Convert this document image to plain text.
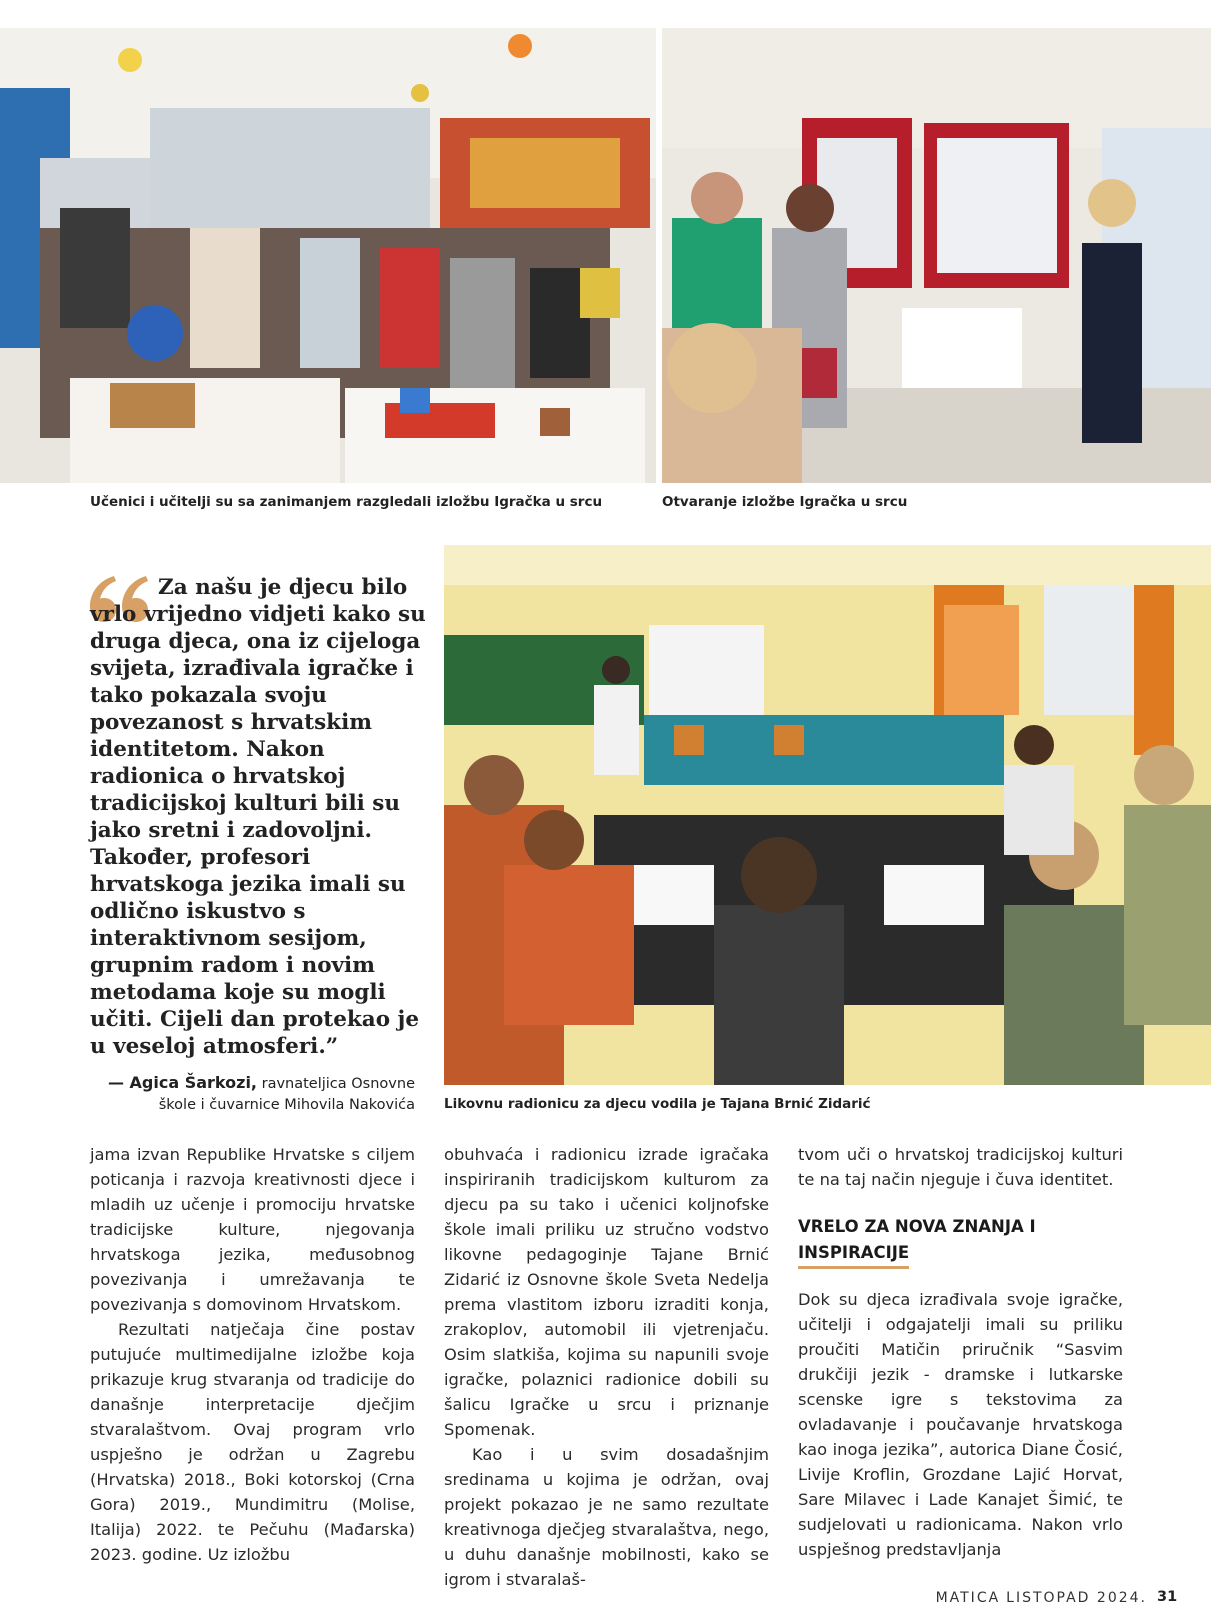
Učenici i učitelji su sa zanimanjem razgledali izložbu Igračka u srcu	Otvaranje izložbe Igračka u srcu

Za našu je djecu bilo vrlo vrijedno vidjeti kako su druga djeca, ona iz cijeloga svijeta, izrađivala igračke i tako pokazala svoju povezanost s hrvatskim identitetom. Nakon radionica o hrvatskoj tradicijskoj kulturi bili su jako sretni i zadovoljni. Također, profesori hrvatskoga jezika imali su odlično iskustvo s interaktivnom sesijom, grupnim radom i novim metodama koje su mogli učiti. Cijeli dan protekao je u veseloj atmosferi.”

— Agica Šarkozi, ravnateljica Osnovne škole i čuvarnice Mihovila Nakovića Likovnu radionicu za djecu vodila je Tajana Brnić Zidarić

jama izvan Republike Hrvatske s ciljem poticanja i razvoja kreativnosti djece i mladih uz učenje i promociju hrvatske tradicijske kulture, njegovanja hrvatskoga jezika, međusobnog povezivanja i umrežavanja te povezivanja s domovinom Hrvatskom.

Rezultati natječaja čine postav putujuće multimedijalne izložbe koja prikazuje krug stvaranja od tradicije do današnje interpretacije dječjim stvaralaštvom. Ovaj program vrlo uspješno je održan u Zagrebu (Hrvatska) 2018., Boki kotorskoj (Crna Gora) 2019., Mundimitru (Molise, Italija) 2022. te Pečuhu (Mađarska) 2023. godine. Uz izložbu

obuhvaća i radionicu izrade igračaka inspiriranih tradicijskom kulturom za djecu pa su tako i učenici koljnofske škole imali priliku uz stručno vodstvo likovne pedagoginje Tajane Brnić Zidarić iz Osnovne škole Sveta Nedelja prema vlastitom izboru izraditi konja, zrakoplov, automobil ili vjetrenjaču. Osim slatkiša, kojima su napunili svoje igračke, polaznici radionice dobili su šalicu Igračke u srcu i priznanje Spomenak.

Kao i u svim dosadašnjim sredinama u kojima je održan, ovaj projekt pokazao je ne samo rezultate kreativnoga dječjeg stvaralaštva, nego, u duhu današnje mobilnosti, kako se igrom i stvaralaš-

tvom uči o hrvatskoj tradicijskoj kulturi te na taj način njeguje i čuva identitet.

VRELO ZA NOVA ZNANJA I
INSPIRACIJE

Dok su djeca izrađivala svoje igračke, učitelji i odgajatelji imali su priliku proučiti Matičin priručnik “Sasvim drukčiji jezik - dramske i lutkarske scenske igre s tekstovima za ovladavanje i poučavanje hrvatskoga kao inoga jezika”, autorica Diane Čosić, Livije Kroflin, Grozdane Lajić Horvat, Sare Milavec i Lade Kanajet Šimić, te sudjelovati u radionicama. Nakon vrlo uspješnog predstavljanja

MATICA LISTOPAD 2024. 31
